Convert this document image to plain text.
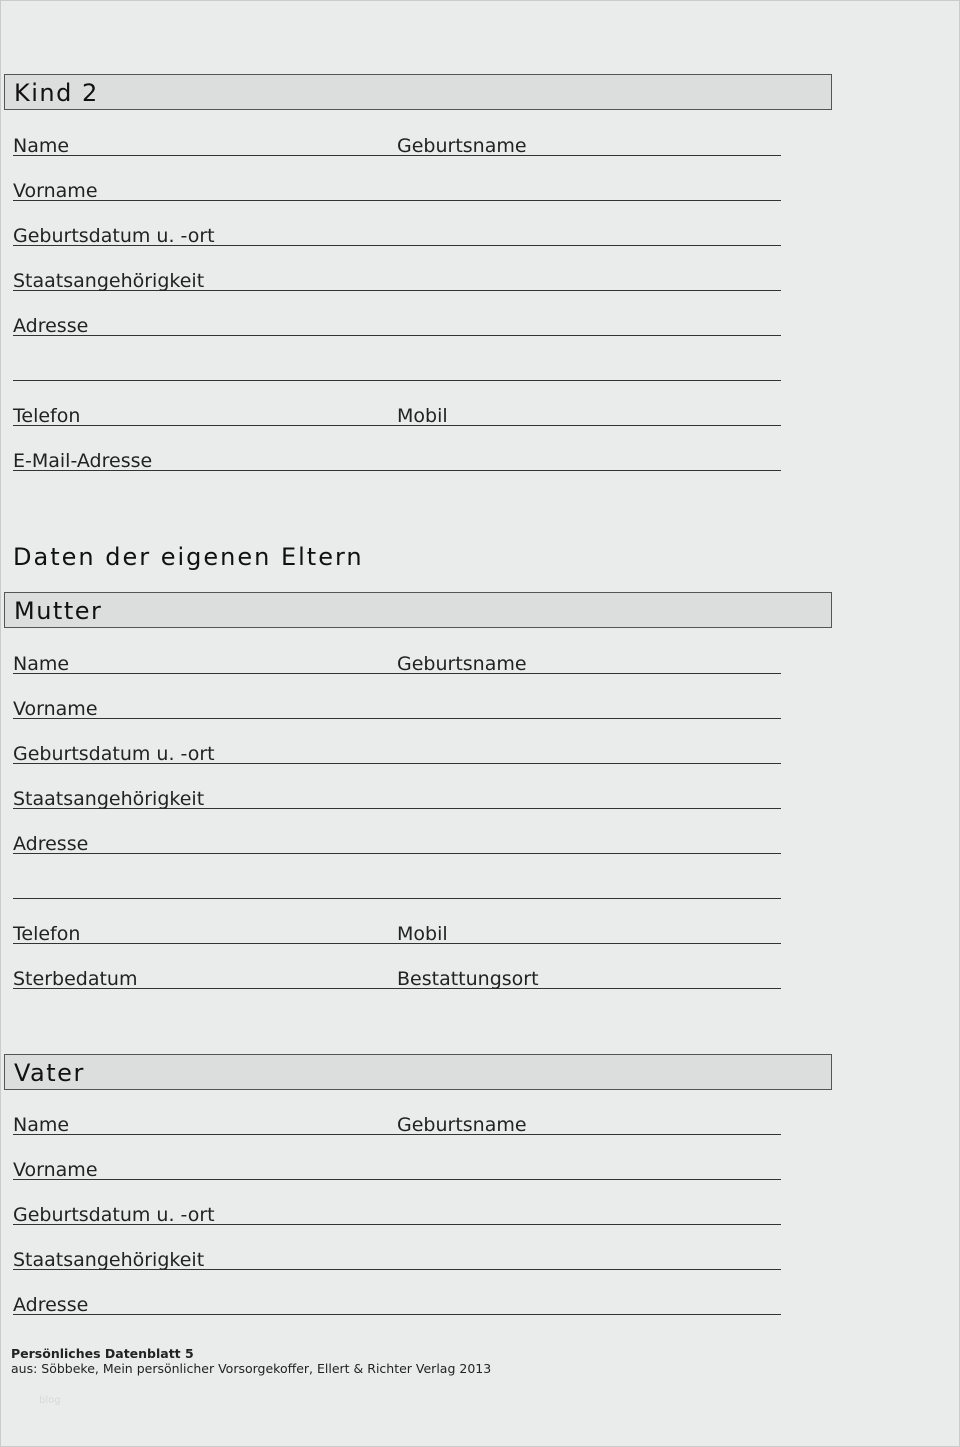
Kind 2
Name	Geburtsname
Vorname
Geburtsdatum u. -ort
Staatsangehörigkeit
Adresse
Telefon	Mobil
E-Mail-Adresse
Daten der eigenen Eltern
Mutter
Name	Geburtsname
Vorname
Geburtsdatum u. -ort
Staatsangehörigkeit
Adresse
Telefon	Mobil
Sterbedatum	Bestattungsort
Vater
Name	Geburtsname
Vorname
Geburtsdatum u. -ort
Staatsangehörigkeit
Adresse
Persönliches Datenblatt 5
aus: Söbbeke, Mein persönlicher Vorsorgekoffer, Ellert & Richter Verlag 2013
blog
